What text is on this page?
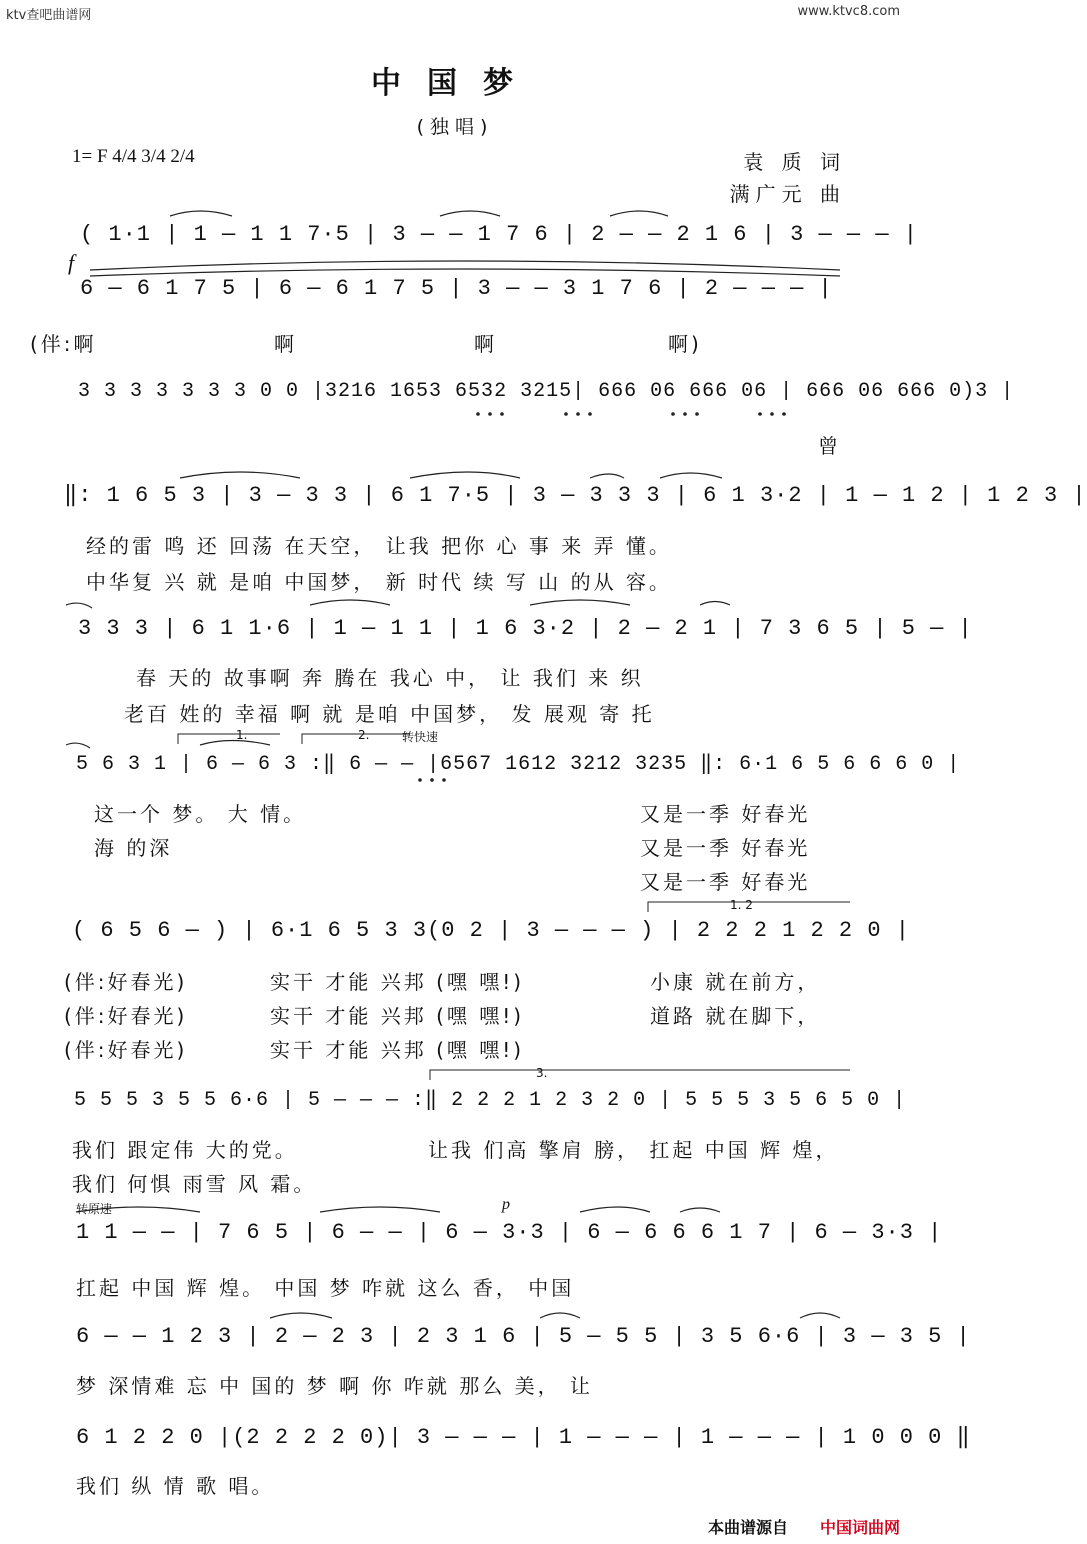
ktv查吧曲谱网	www.ktvc8.com
中国梦
(独唱)
1= F 4/4 3/4 2/4	袁 质 词
满广元 曲
f
( 1·1 | 1 — 1 1 7·5 | 3 — — 1 7 6 | 2 — — 2 1 6 | 3 — — — |
6 — 6 1 7 5 | 6 — 6 1 7 5 | 3 — — 3 1 7 6 | 2 — — — |
(伴:啊	啊	啊	啊)
3 3 3 3 3 3 3 0 0 |3216 1653 6532 3215| 666 06 666 06 | 666 06 666 0)3 |
曾
‖: 1 6 5 3 | 3 — 3 3 | 6 1 7·5 | 3 — 3 3 3 | 6 1 3·2 | 1 — 1 2 | 1 2 3 |
经的雷 鸣 还 回荡 在天空， 让我 把你 心 事 来 弄 懂。
中华复 兴 就 是咱 中国梦， 新 时代 续 写 山 的从 容。
3 3 3 | 6 1 1·6 | 1 — 1 1 | 1 6 3·2 | 2 — 2 1 | 7 3 6 5 | 5 — |
春 天的 故事啊 奔 腾在 我心 中， 让 我们 来 织
老百 姓的 幸福 啊 就 是咱 中国梦， 发 展观 寄 托
1.	2.	转快速
5 6 3 1 | 6 — 6 3 :‖ 6 — — |6567 1612 3212 3235 ‖: 6·1 6 5 6 6 6 0 |
这一个 梦。 大 情。
海 的深
又是一季 好春光
又是一季 好春光
又是一季 好春光
1. 2
( 6 5 6 — ) | 6·1 6 5 3 3(0 2 | 3 — — — ) | 2 2 2 1 2 2 0 |
(伴:好春光)
(伴:好春光)
(伴:好春光)
实干 才能 兴邦 (嘿 嘿!)
实干 才能 兴邦 (嘿 嘿!)
实干 才能 兴邦 (嘿 嘿!)
小康 就在前方，
道路 就在脚下，
3.
5 5 5 3 5 5 6·6 | 5 — — — :‖ 2 2 2 1 2 3 2 0 | 5 5 5 3 5 6 5 0 |
我们 跟定伟 大的党。	让我 们高 擎肩 膀， 扛起 中国 辉 煌，
我们 何惧 雨雪 风 霜。
转原速	p
1 1 — — | 7 6 5 | 6 — — | 6 — 3·3 | 6 — 6 6 6 1 7 | 6 — 3·3 |
扛起 中国 辉 煌。 中国 梦 咋就 这么 香， 中国
6 — — 1 2 3 | 2 — 2 3 | 2 3 1 6 | 5 — 5 5 | 3 5 6·6 | 3 — 3 5 |
梦 深情难 忘 中 国的 梦 啊 你 咋就 那么 美， 让
6 1 2 2 0 |(2 2 2 2 0)| 3 — — — | 1 — — — | 1 — — — | 1 0 0 0 ‖
我们 纵 情 歌 唱。
本曲谱源自 中国词曲网
